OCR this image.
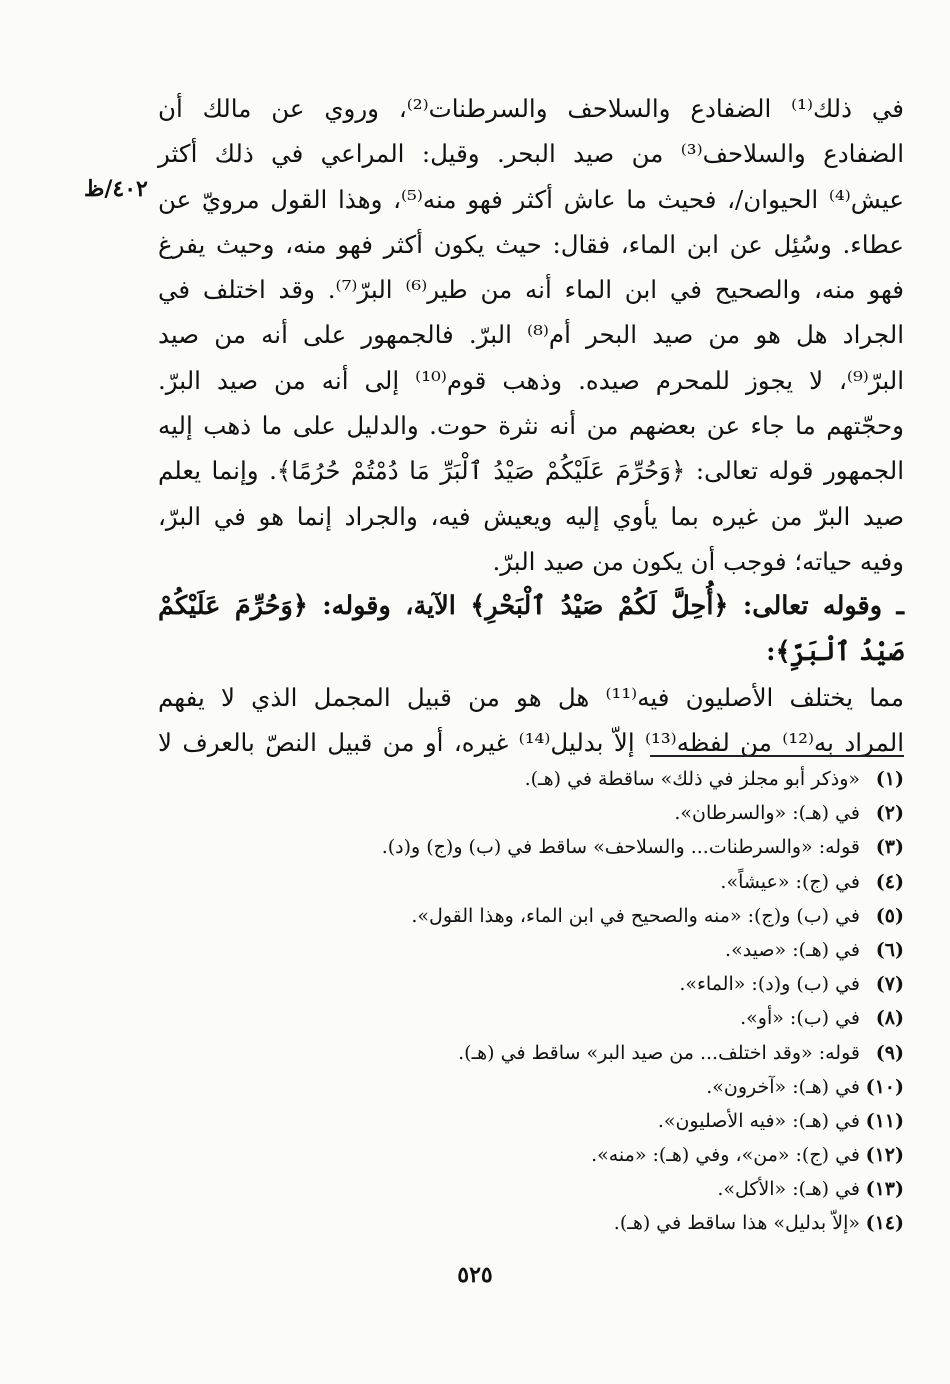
٤٠٢/ظ
في ذلك⁽¹⁾ الضفادع والسلاحف والسرطنات⁽²⁾، وروي عن مالك أن
الضفادع والسلاحف⁽³⁾ من صيد البحر. وقيل: المراعي في ذلك أكثر
عيش⁽⁴⁾ الحيوان/، فحيث ما عاش أكثر فهو منه⁽⁵⁾، وهذا القول مرويّ عن
عطاء. وسُئِل عن ابن الماء، فقال: حيث يكون أكثر فهو منه، وحيث يفرغ
فهو منه، والصحيح في ابن الماء أنه من طير⁽⁶⁾ البرّ⁽⁷⁾. وقد اختلف في
الجراد هل هو من صيد البحر أم⁽⁸⁾ البرّ. فالجمهور على أنه من صيد
البرّ⁽⁹⁾، لا يجوز للمحرم صيده. وذهب قوم⁽¹⁰⁾ إلى أنه من صيد البرّ.
وحجّتهم ما جاء عن بعضهم من أنه نثرة حوت. والدليل على ما ذهب إليه
الجمهور قوله تعالى: ﴿وَحُرِّمَ عَلَيْكُمْ صَيْدُ ٱلْبَرِّ مَا دُمْتُمْ حُرُمًا﴾. وإنما يعلم
صيد البرّ من غيره بما يأوي إليه ويعيش فيه، والجراد إنما هو في البرّ،
وفيه حياته؛ فوجب أن يكون من صيد البرّ.
ـ وقوله تعالى: ﴿أُحِلَّ لَكُمْ صَيْدُ ٱلْبَحْرِ﴾ الآية، وقوله: ﴿وَحُرِّمَ عَلَيْكُمْ
صَيْدُ ٱلْبَرِّ﴾:
مما يختلف الأصليون فيه⁽¹¹⁾ هل هو من قبيل المجمل الذي لا يفهم
المراد به⁽¹²⁾ من لفظه⁽¹³⁾ إلاّ بدليل⁽¹⁴⁾ غيره، أو من قبيل النصّ بالعرف لا
(١)«وذكر أبو مجلز في ذلك» ساقطة في (هـ).
(٢)في (هـ): «والسرطان».
(٣)قوله: «والسرطنات... والسلاحف» ساقط في (ب) و(ج) و(د).
(٤)في (ج): «عيشاً».
(٥)في (ب) و(ج): «منه والصحيح في ابن الماء، وهذا القول».
(٦)في (هـ): «صيد».
(٧)في (ب) و(د): «الماء».
(٨)في (ب): «أو».
(٩)قوله: «وقد اختلف... من صيد البر» ساقط في (هـ).
(١٠)في (هـ): «آخرون».
(١١)في (هـ): «فيه الأصليون».
(١٢)في (ج): «من»، وفي (هـ): «منه».
(١٣)في (هـ): «الأكل».
(١٤)«إلاّ بدليل» هذا ساقط في (هـ).
٥٢٥
